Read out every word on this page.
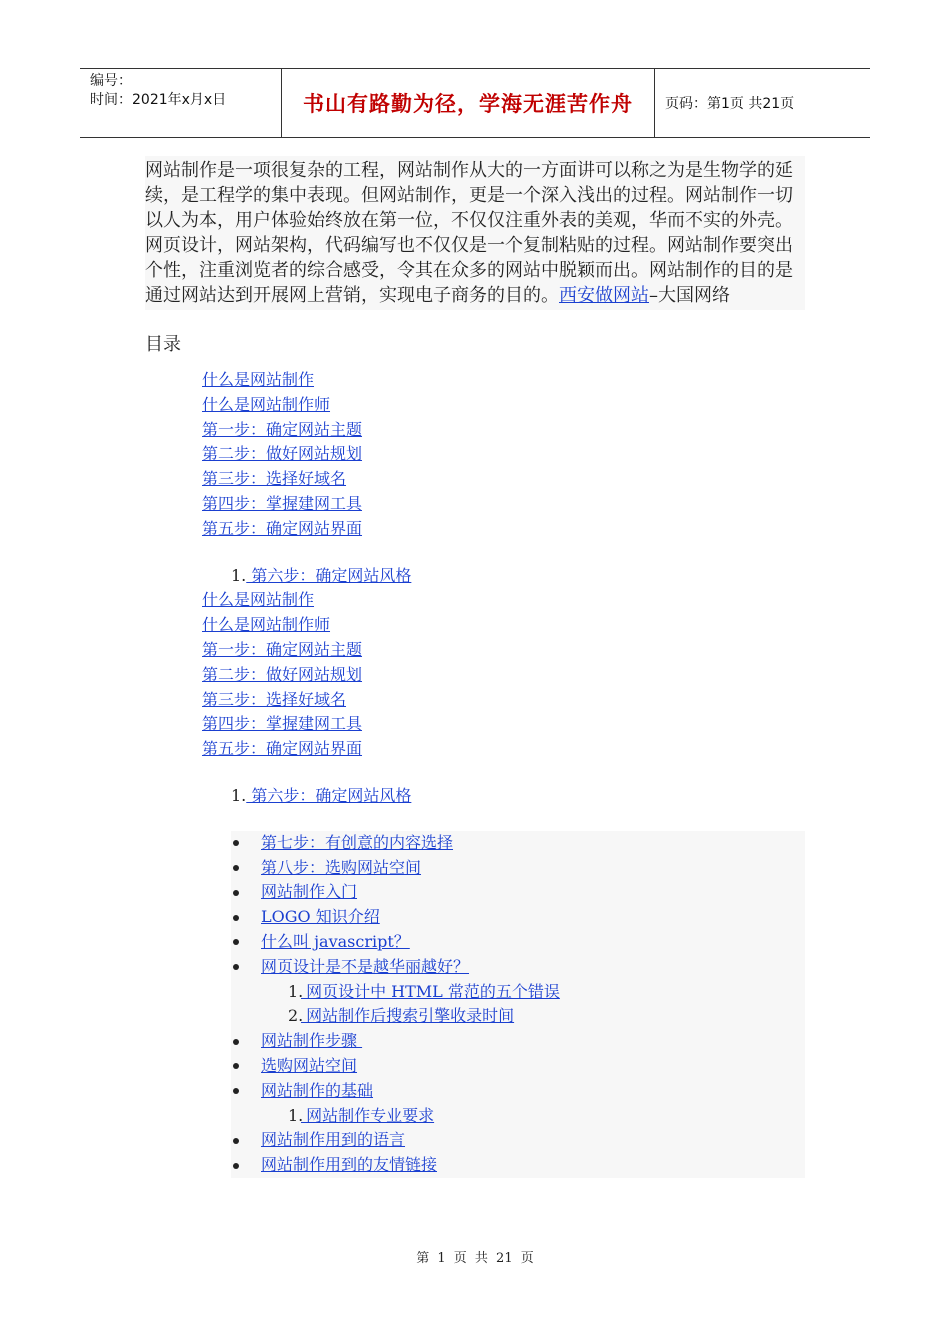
编号：
时间：2021年x月x日	书山有路勤为径，学海无涯苦作舟	页码：第1页 共21页
网站制作是一项很复杂的工程，网站制作从大的一方面讲可以称之为是生物学的延续，是工程学的集中表现。但网站制作，更是一个深入浅出的过程。网站制作一切以人为本，用户体验始终放在第一位，不仅仅注重外表的美观，华而不实的外壳。网页设计，网站架构，代码编写也不仅仅是一个复制粘贴的过程。网站制作要突出个性，注重浏览者的综合感受，令其在众多的网站中脱颖而出。网站制作的目的是通过网站达到开展网上营销，实现电子商务的目的。西安做网站–大国网络
目录
什么是网站制作
什么是网站制作师
第一步：确定网站主题
第二步：做好网站规划
第三步：选择好域名
第四步：掌握建网工具
第五步：确定网站界面
1. 第六步：确定网站风格
什么是网站制作
什么是网站制作师
第一步：确定网站主题
第二步：做好网站规划
第三步：选择好域名
第四步：掌握建网工具
第五步：确定网站界面
1. 第六步：确定网站风格
第七步：有创意的内容选择
第八步：选购网站空间
网站制作入门
LOGO 知识介绍
什么叫 javascript？
网页设计是不是越华丽越好？
1.
网页设计中 HTML 常范的五个错误
2.
网站制作后搜索引擎收录时间
网站制作步骤
选购网站空间
网站制作的基础
1.
网站制作专业要求
网站制作用到的语言
网站制作用到的友情链接
第 1 页 共 21 页
